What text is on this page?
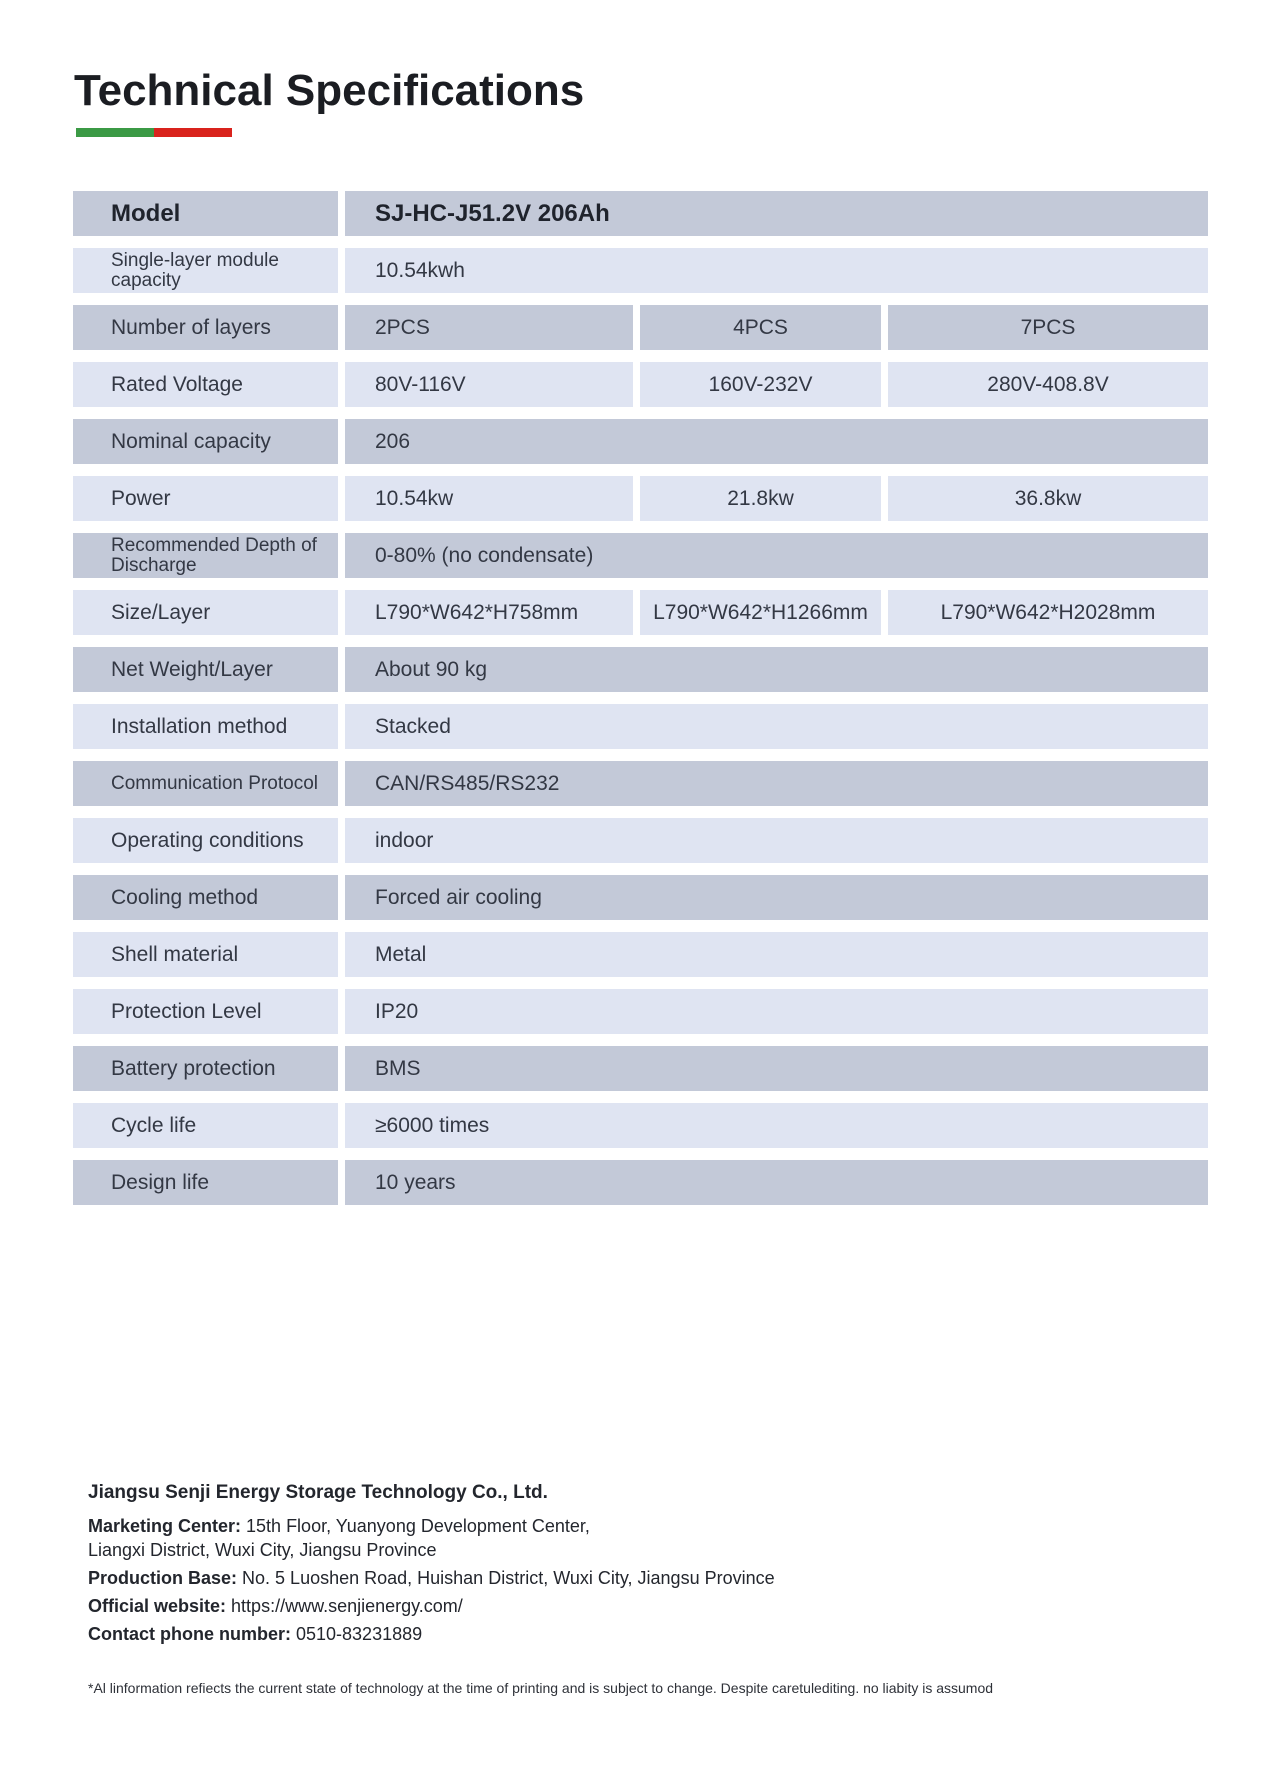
Technical Specifications
Model	SJ-HC-J51.2V 206Ah
Single-layer module capacity	10.54kwh
Number of layers	2PCS	4PCS	7PCS
Rated Voltage	80V-116V	160V-232V	280V-408.8V
Nominal capacity	206
Power	10.54kw	21.8kw	36.8kw
Recommended Depth of Discharge	0-80% (no condensate)
Size/Layer	L790*W642*H758mm	L790*W642*H1266mm	L790*W642*H2028mm
Net Weight/Layer	About 90 kg
Installation method	Stacked
Communication Protocol	CAN/RS485/RS232
Operating conditions	indoor
Cooling method	Forced air cooling
Shell material	Metal
Protection Level	IP20
Battery protection	BMS
Cycle life	≥6000 times
Design life	10 years
Jiangsu Senji Energy Storage Technology Co., Ltd.

Marketing Center: 15th Floor, Yuanyong Development Center,

Liangxi District, Wuxi City, Jiangsu Province

Production Base: No. 5 Luoshen Road, Huishan District, Wuxi City, Jiangsu Province

Official website: https://www.senjienergy.com/

Contact phone number: 0510-83231889

*Al linformation refiects the current state of technology at the time of printing and is subject to change. Despite caretulediting. no liabity is assumod
